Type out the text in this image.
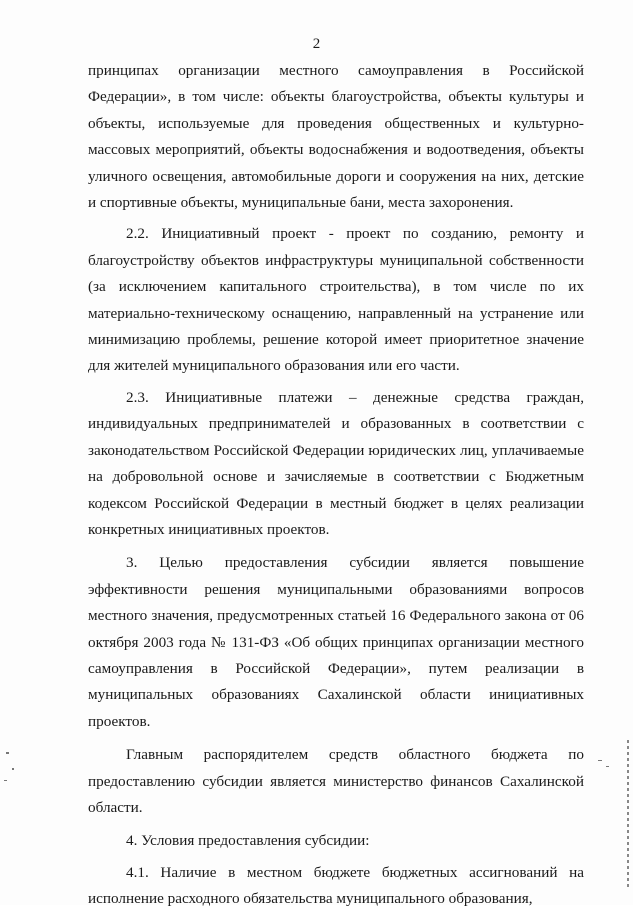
2

принципах организации местного самоуправления в Российской Федерации», в том числе: объекты благоустройства, объекты культуры и объекты, используемые для проведения общественных и культурно-массовых мероприятий, объекты водоснабжения и водоотведения, объекты уличного освещения, автомобильные дороги и сооружения на них, детские и спортивные объекты, муниципальные бани, места захоронения.

2.2. Инициативный проект - проект по созданию, ремонту и благоустройству объектов инфраструктуры муниципальной собственности (за исключением капитального строительства), в том числе по их материально-техническому оснащению, направленный на устранение или минимизацию проблемы, решение которой имеет приоритетное значение для жителей муниципального образования или его части.

2.3. Инициативные платежи – денежные средства граждан, индивидуальных предпринимателей и образованных в соответствии с законодательством Российской Федерации юридических лиц, уплачиваемые на добровольной основе и зачисляемые в соответствии с Бюджетным кодексом Российской Федерации в местный бюджет в целях реализации конкретных инициативных проектов.

3. Целью предоставления субсидии является повышение эффективности решения муниципальными образованиями вопросов местного значения, предусмотренных статьей 16 Федерального закона от 06 октября 2003 года № 131-ФЗ «Об общих принципах организации местного самоуправления в Российской Федерации», путем реализации в муниципальных образованиях Сахалинской области инициативных проектов.

Главным распорядителем средств областного бюджета по предоставлению субсидии является министерство финансов Сахалинской области.

4. Условия предоставления субсидии:

4.1. Наличие в местном бюджете бюджетных ассигнований на исполнение расходного обязательства муниципального образования,
